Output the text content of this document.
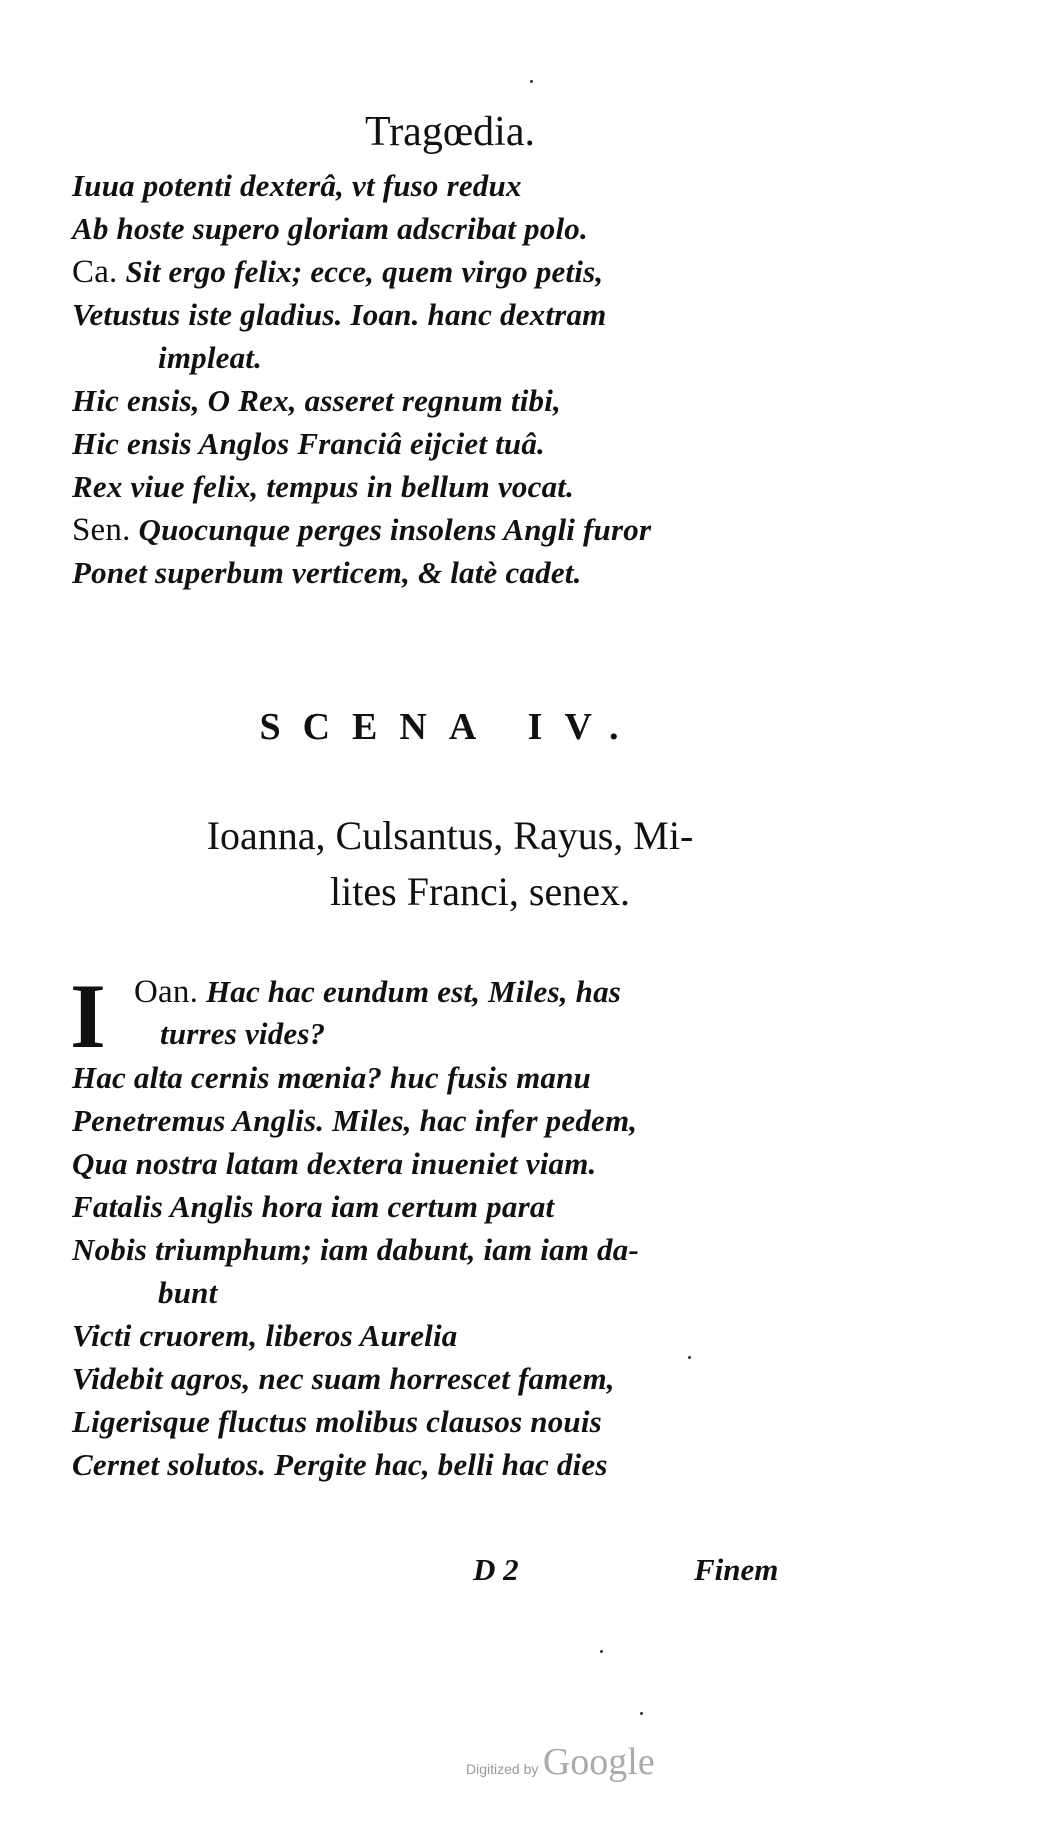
Tragœdia.
Iuua potenti dexterâ, vt fuso redux
Ab hoste supero gloriam adscribat polo.
Ca. Sit ergo felix; ecce, quem virgo petis,
Vetustus iste gladius. Ioan. hanc dextram
impleat.
Hic ensis, O Rex, asseret regnum tibi,
Hic ensis Anglos Franciâ eijciet tuâ.
Rex viue felix, tempus in bellum vocat.
Sen. Quocunque perges insolens Angli furor
Ponet superbum verticem, & latè cadet.
SCENA IV.
Ioanna, Culsantus, Rayus, Mi-
lites Franci, senex.
I Oan. Hac hac eundum est, Miles, has
turres vides?
Hac alta cernis mœnia? huc fusis manu
Penetremus Anglis. Miles, hac infer pedem,
Qua nostra latam dextera inueniet viam.
Fatalis Anglis hora iam certum parat
Nobis triumphum; iam dabunt, iam iam da-
bunt
Victi cruorem, liberos Aurelia
Videbit agros, nec suam horrescet famem,
Ligerisque fluctus molibus clausos nouis
Cernet solutos. Pergite hac, belli hac dies
D 2	Finem
Digitized by Google
